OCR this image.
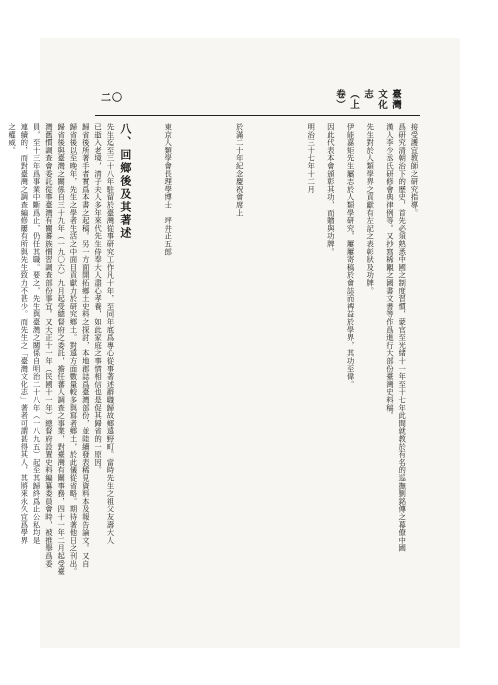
臺灣文化志（上卷）
二〇

接受護宜教師之研究指導。

爲研究清朝治下的歷史，首先必須熟悉中國之制度習慣，蒙官至光緒十一年至十七年此間就教於有名的巡撫劉銘傳之幕僚中國

漢人李少丞氏研修會典律例等。又抄寫稀覯之國書文書等作爲進行大部份臺灣史料稿。

先生對於人類學界之貢獻有左記之表彰狀及功牌。

伊能嘉矩先生屬志於人類學研究，屢屢寄稿於會誌而裨益於學界，其功至偉。

因此代表本會頒彰其功，而贈與功牌。

明治三十七年十二月

於滿二十年紀念慶祝會席上

東京人類學會長理學博士　坪井正五郎

八、回鄉後及其著述

先生迄至三十八年駐留於臺灣從事研究工作凡十年，至同年底爲專心從事著述辭職歸故鄉遠野町。當時先生之祖父友壽大人

已逝入老境，清子夫人多年來代先生侍奉大人盡心孝養，如此家庭之事情相信也是促其歸省的一原因。

歸省後所著手者實爲本書之起稿。另一方面開拓鄉土史料之探討，本地郡誌爲臺灣部份，並陸續發表稀見資料本及報告論文。又自

歸省後以至晚年，先生之學者生活之中面目貢獻力於研究鄉土。對遠方面數量較多與寫者鄉土，於此儀從省略。期待著他日之刊出。

歸省後與臺灣之關係自三十九年（一九〇六）九月起受總督府之委託，擔任蕃人調查之事業，對臺灣有關事務，四十一年二月起受臺

灣舊慣調查會委託從事臺灣有關蕃族慣習調查部份事宜。又大正十一年（民國十一年）總督府設置史料編纂委員會時，被推舉爲委

員，至十三年爲事業中斷爲止，仍任其職。要之，先生與臺灣之關係自明治二十八年（一八九五）起至其歸終爲止公私均是

連續的，而對臺灣之調查編修屢有所與先生致力不甚少。而先生之「臺灣文化志」著者可謂甚得其人，其將來永久宜爲學界

之權威。
